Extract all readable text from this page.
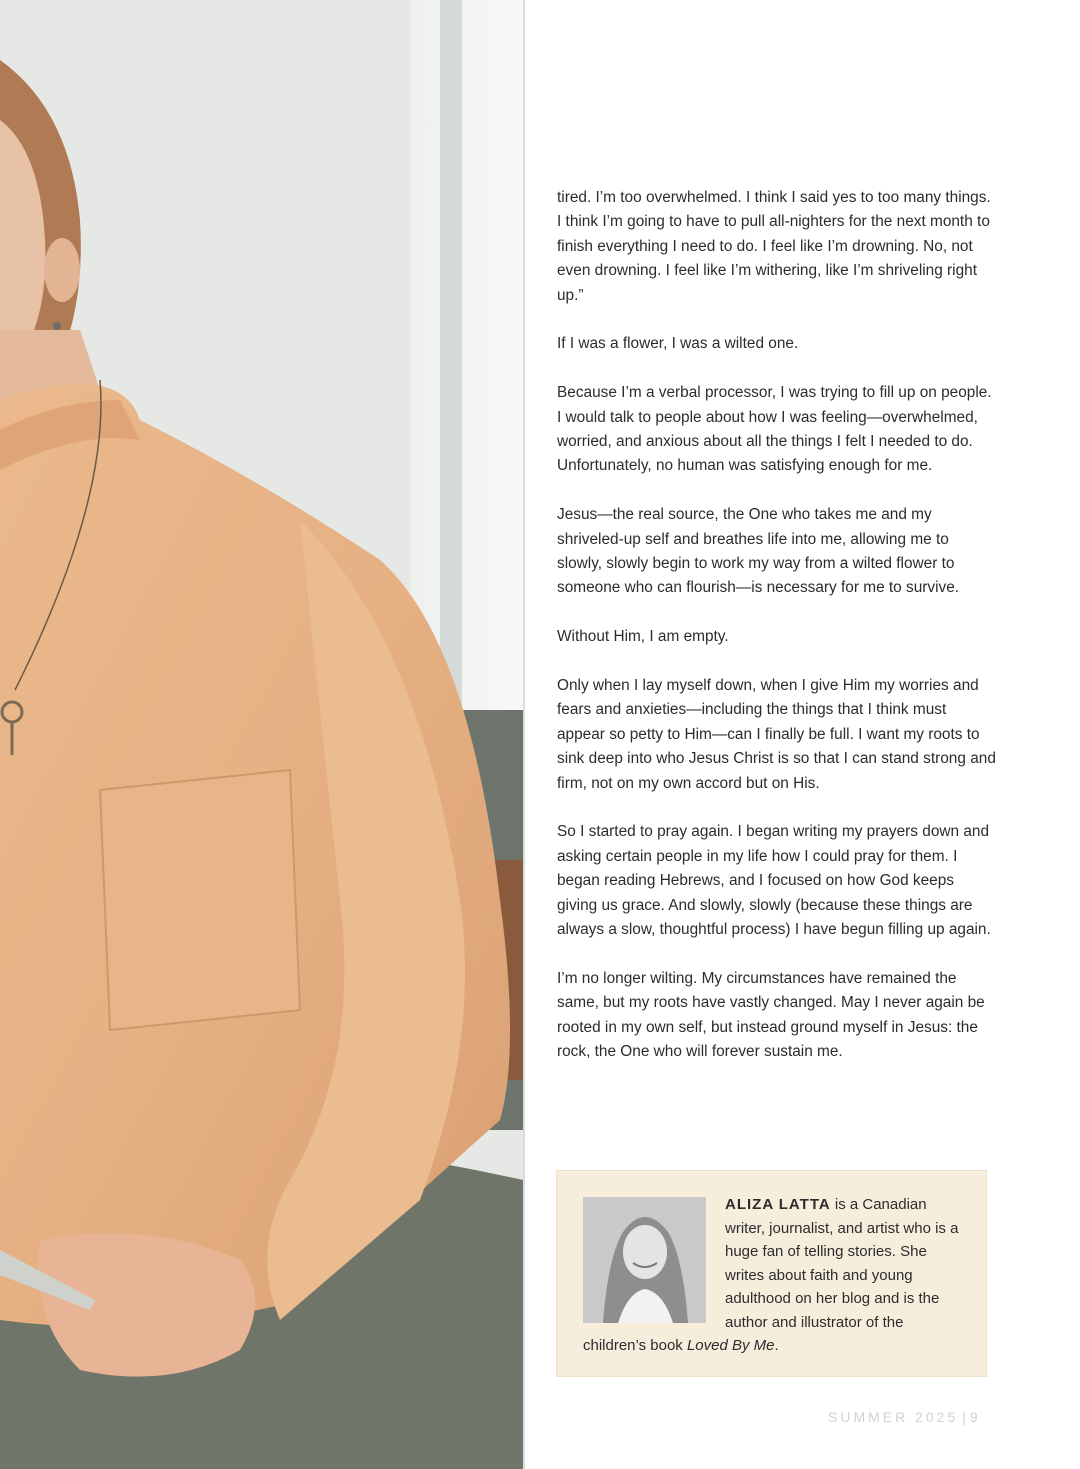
tired. I’m too overwhelmed. I think I said yes to too many things. I think I’m going to have to pull all-nighters for the next month to finish everything I need to do. I feel like I’m drowning. No, not even drowning. I feel like I’m withering, like I’m shriveling right up.”

If I was a flower, I was a wilted one.

Because I’m a verbal processor, I was trying to fill up on people. I would talk to people about how I was feeling—overwhelmed, worried, and anxious about all the things I felt I needed to do. Unfortunately, no human was satisfying enough for me.

Jesus—the real source, the One who takes me and my shriveled-up self and breathes life into me, allowing me to slowly, slowly begin to work my way from a wilted flower to someone who can flourish—is necessary for me to survive.

Without Him, I am empty.

Only when I lay myself down, when I give Him my worries and fears and anxieties—including the things that I think must appear so petty to Him—can I finally be full. I want my roots to sink deep into who Jesus Christ is so that I can stand strong and firm, not on my own accord but on His.

So I started to pray again. I began writing my prayers down and asking certain people in my life how I could pray for them. I began reading Hebrews, and I focused on how God keeps giving us grace. And slowly, slowly (because these things are always a slow, thoughtful process) I have begun filling up again.

I’m no longer wilting. My circumstances have remained the same, but my roots have vastly changed. May I never again be rooted in my own self, but instead ground myself in Jesus: the rock, the One who will forever sustain me.

ALIZA LATTA is a Canadian writer, journalist, and artist who is a huge fan of telling stories. She writes about faith and young adulthood on her blog and is the author and illustrator of the children’s book Loved By Me.
SUMMER 2025 | 9
